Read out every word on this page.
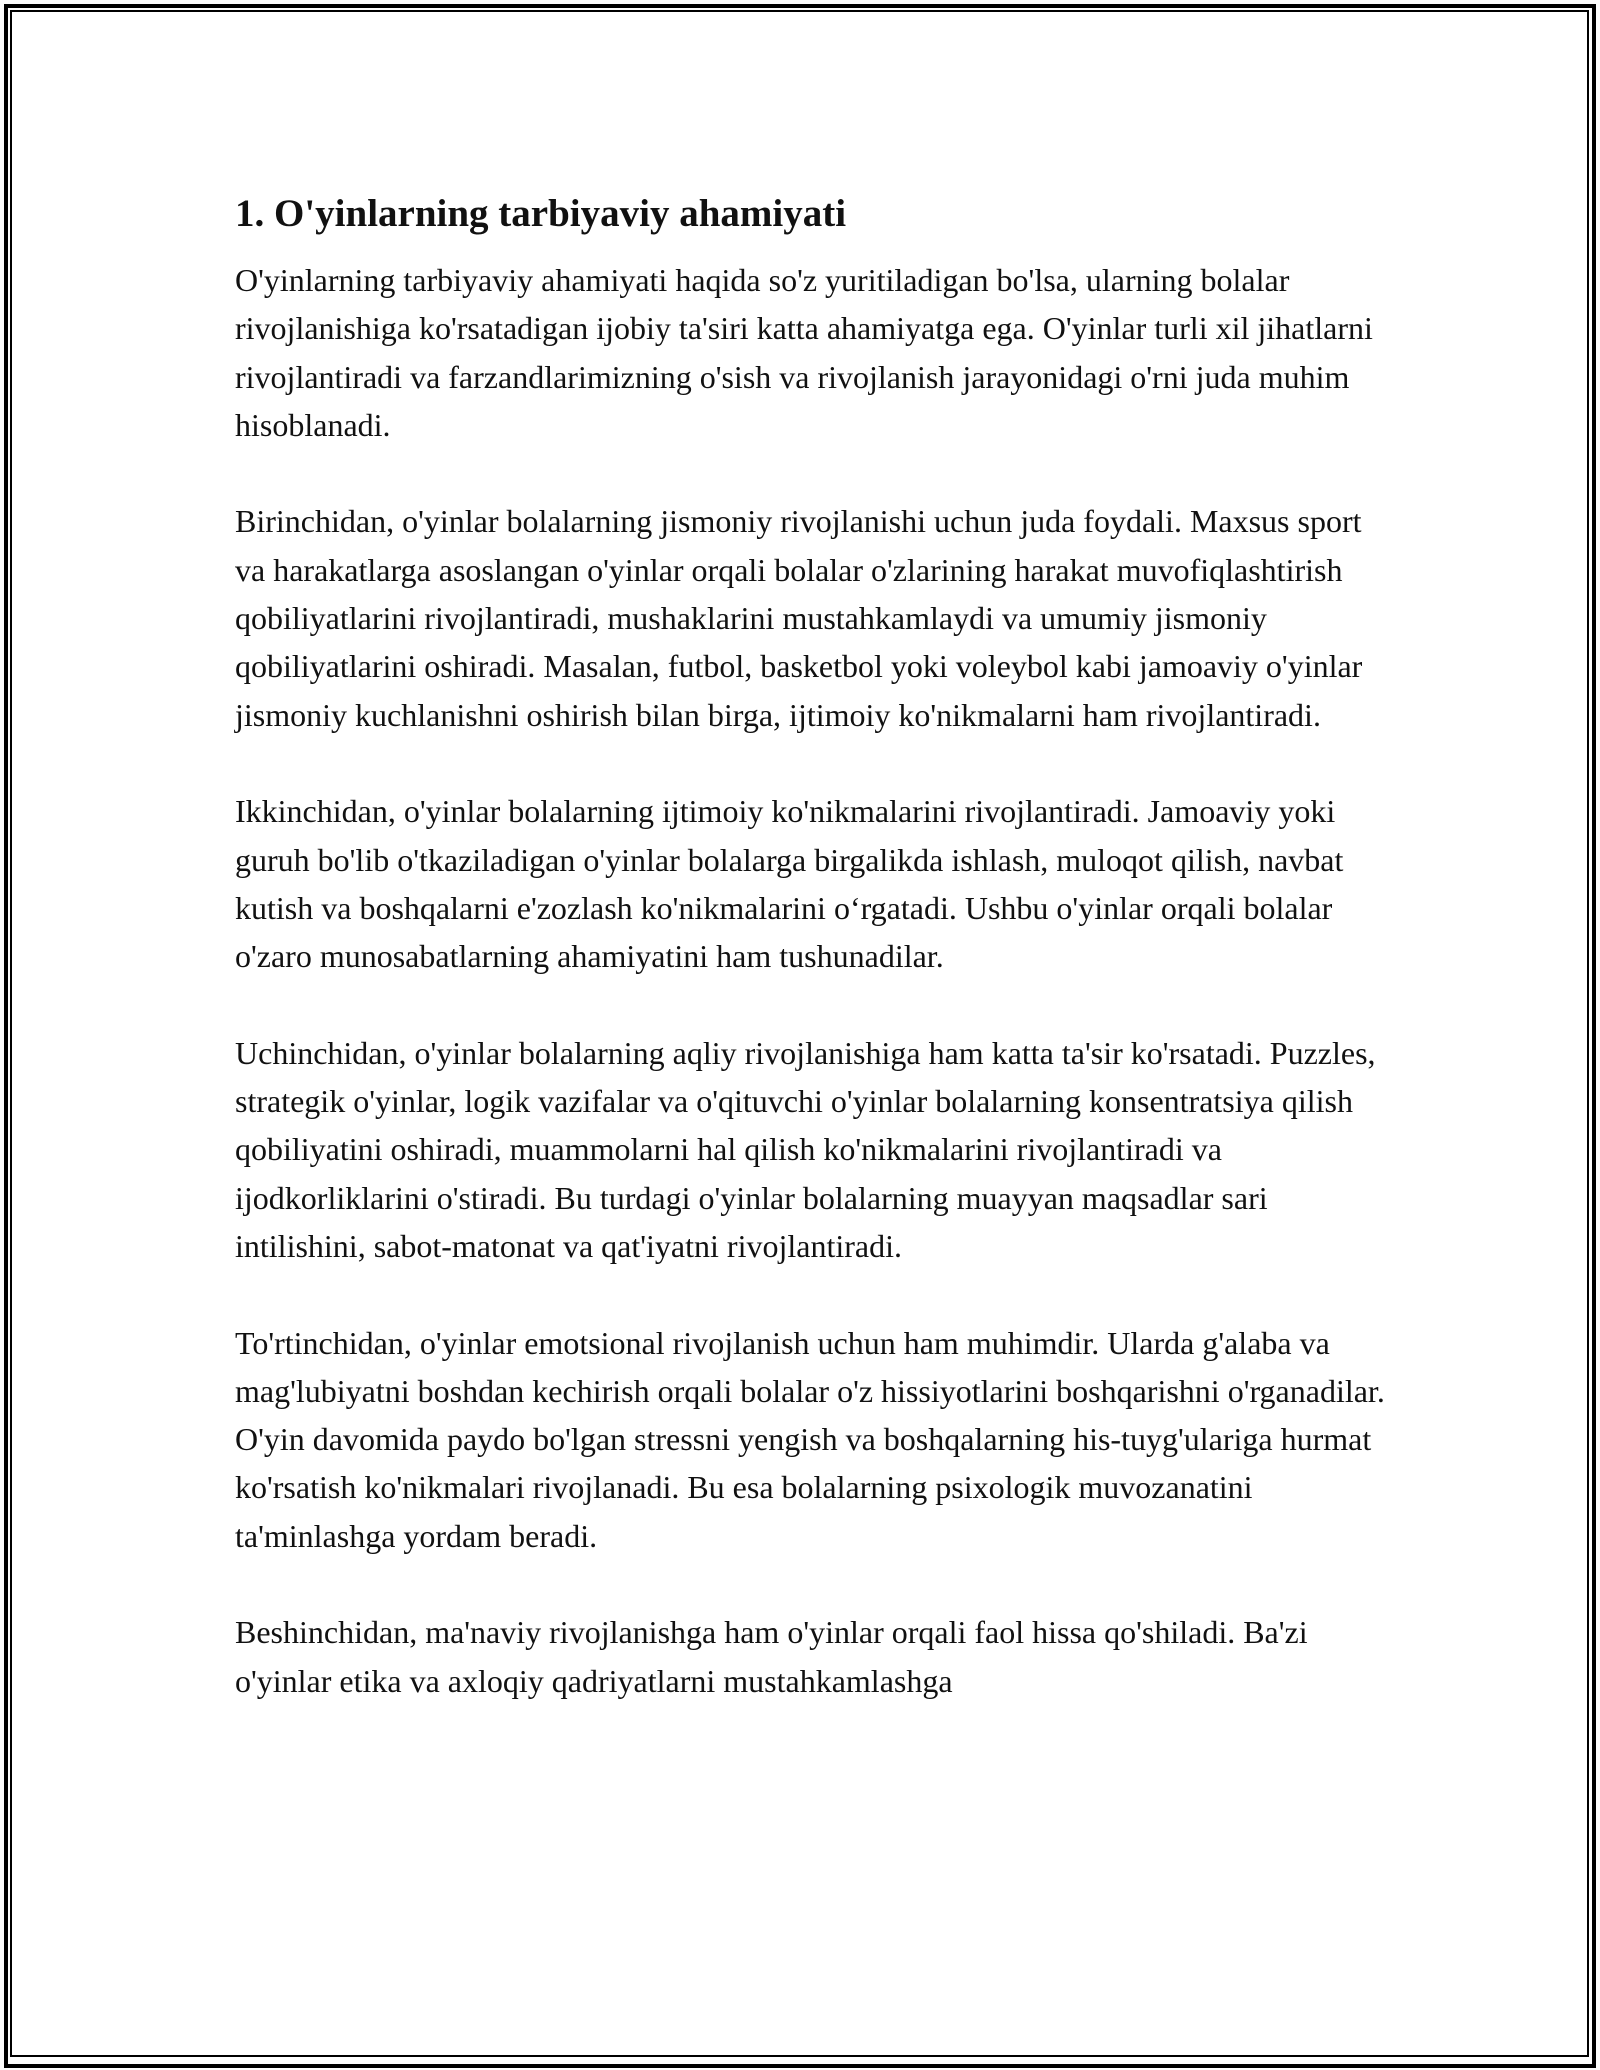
1. O'yinlarning tarbiyaviy ahamiyati

O'yinlarning tarbiyaviy ahamiyati haqida so'z yuritiladigan bo'lsa, ularning bolalar rivojlanishiga ko'rsatadigan ijobiy ta'siri katta ahamiyatga ega. O'yinlar turli xil jihatlarni rivojlantiradi va farzandlarimizning o'sish va rivojlanish jarayonidagi o'rni juda muhim hisoblanadi.

Birinchidan, o'yinlar bolalarning jismoniy rivojlanishi uchun juda foydali. Maxsus sport va harakatlarga asoslangan o'yinlar orqali bolalar o'zlarining harakat muvofiqlashtirish qobiliyatlarini rivojlantiradi, mushaklarini mustahkamlaydi va umumiy jismoniy qobiliyatlarini oshiradi. Masalan, futbol, basketbol yoki voleybol kabi jamoaviy o'yinlar jismoniy kuchlanishni oshirish bilan birga, ijtimoiy ko'nikmalarni ham rivojlantiradi.

Ikkinchidan, o'yinlar bolalarning ijtimoiy ko'nikmalarini rivojlantiradi. Jamoaviy yoki guruh bo'lib o'tkaziladigan o'yinlar bolalarga birgalikda ishlash, muloqot qilish, navbat kutish va boshqalarni e'zozlash ko'nikmalarini o‘rgatadi. Ushbu o'yinlar orqali bolalar o'zaro munosabatlarning ahamiyatini ham tushunadilar.

Uchinchidan, o'yinlar bolalarning aqliy rivojlanishiga ham katta ta'sir ko'rsatadi. Puzzles, strategik o'yinlar, logik vazifalar va o'qituvchi o'yinlar bolalarning konsentratsiya qilish qobiliyatini oshiradi, muammolarni hal qilish ko'nikmalarini rivojlantiradi va ijodkorliklarini o'stiradi. Bu turdagi o'yinlar bolalarning muayyan maqsadlar sari intilishini, sabot-matonat va qat'iyatni rivojlantiradi.

To'rtinchidan, o'yinlar emotsional rivojlanish uchun ham muhimdir. Ularda g'alaba va mag'lubiyatni boshdan kechirish orqali bolalar o'z hissiyotlarini boshqarishni o'rganadilar. O'yin davomida paydo bo'lgan stressni yengish va boshqalarning his-tuyg'ulariga hurmat ko'rsatish ko'nikmalari rivojlanadi. Bu esa bolalarning psixologik muvozanatini ta'minlashga yordam beradi.

Beshinchidan, ma'naviy rivojlanishga ham o'yinlar orqali faol hissa qo'shiladi. Ba'zi o'yinlar etika va axloqiy qadriyatlarni mustahkamlashga
